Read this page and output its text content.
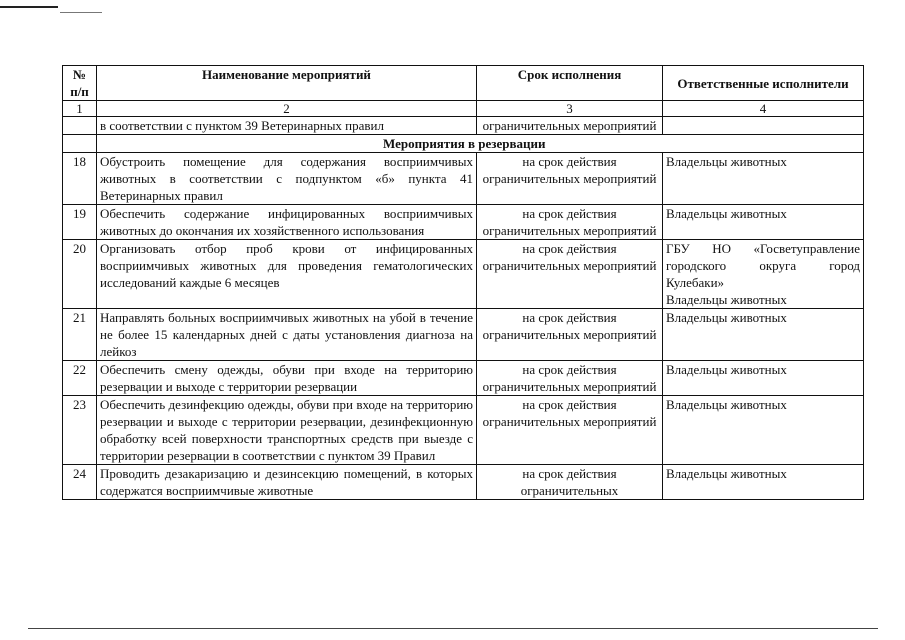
№ п/п	Наименование мероприятий	Срок исполнения	Ответственные исполнители
1	2	3	4
	в соответствии с пунктом 39 Ветеринарных правил	ограничительных мероприятий	
	Мероприятия в резервации		
18	Обустроить помещение для содержания восприимчивых животных в соответствии с подпунктом «б» пункта 41 Ветеринарных правил	на срок действия ограничительных мероприятий	Владельцы животных

19	Обеспечить содержание инфицированных восприимчивых животных до окончания их хозяйственного использования	на срок действия ограничительных мероприятий	Владельцы животных

20	Организовать отбор проб крови от инфицированных восприимчивых животных для проведения гематологических исследований каждые 6 месяцев	на срок действия ограничительных мероприятий	ГБУ НО «Госветуправление городского округа город Кулебаки»
Владельцы животных

21	Направлять больных восприимчивых животных на убой в течение не более 15 календарных дней с даты установления диагноза на лейкоз	на срок действия ограничительных мероприятий	Владельцы животных

22	Обеспечить смену одежды, обуви при входе на территорию резервации и выходе с территории резервации	на срок действия ограничительных мероприятий	Владельцы животных

23	Обеспечить дезинфекцию одежды, обуви при входе на территорию резервации и выходе с территории резервации, дезинфекционную обработку всей поверхности транспортных средств при выезде с территории резервации в соответствии с пунктом 39 Правил	на срок действия ограничительных мероприятий	Владельцы животных

24	Проводить дезакаризацию и дезинсекцию помещений, в которых содержатся восприимчивые животные	на срок действия ограничительных	Владельцы животных
